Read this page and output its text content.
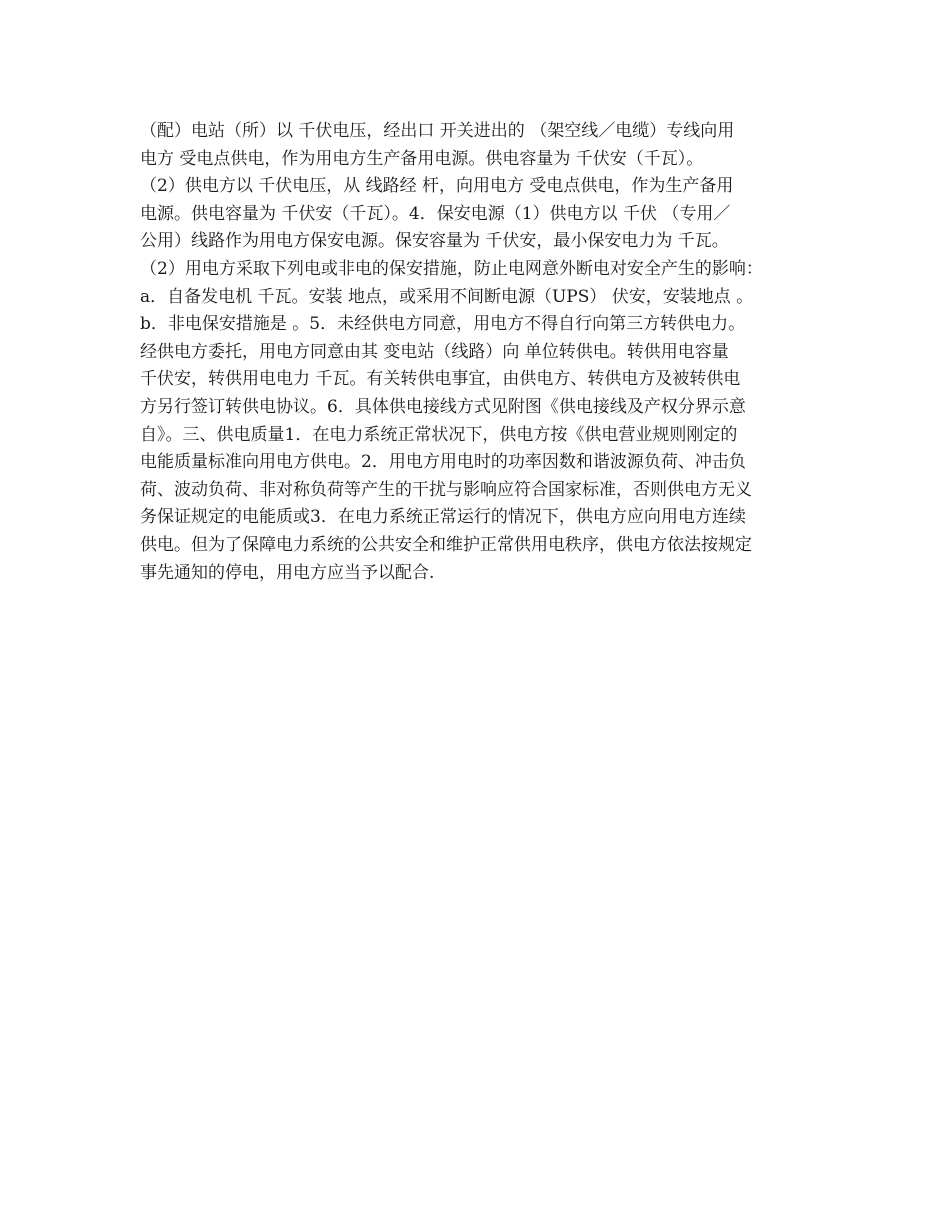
（配）电站（所）以 千伏电压，经出口 开关进出的 （架空线／电缆）专线向用
电方 受电点供电，作为用电方生产备用电源。供电容量为 千伏安（千瓦）。
（2）供电方以 千伏电压，从 线路经 杆，向用电方 受电点供电，作为生产备用
电源。供电容量为 千伏安（千瓦）。4．保安电源（1）供电方以 千伏 （专用／
公用）线路作为用电方保安电源。保安容量为 千伏安，最小保安电力为 千瓦。
（2）用电方采取下列电或非电的保安措施，防止电网意外断电对安全产生的影响：
a．自备发电机 千瓦。安装 地点，或采用不间断电源（UPS） 伏安，安装地点 。
b．非电保安措施是 。5．未经供电方同意，用电方不得自行向第三方转供电力。
经供电方委托，用电方同意由其 变电站（线路）向 单位转供电。转供用电容量
千伏安，转供用电电力 千瓦。有关转供电事宜，由供电方、转供电方及被转供电
方另行签订转供电协议。6．具体供电接线方式见附图《供电接线及产权分界示意
自》。三、供电质量1．在电力系统正常状况下，供电方按《供电营业规则刚定的
电能质量标准向用电方供电。2．用电方用电时的功率因数和谐波源负荷、冲击负
荷、波动负荷、非对称负荷等产生的干扰与影响应符合国家标准，否则供电方无义
务保证规定的电能质或3．在电力系统正常运行的情况下，供电方应向用电方连续
供电。但为了保障电力系统的公共安全和维护正常供用电秩序，供电方依法按规定
事先通知的停电，用电方应当予以配合.
